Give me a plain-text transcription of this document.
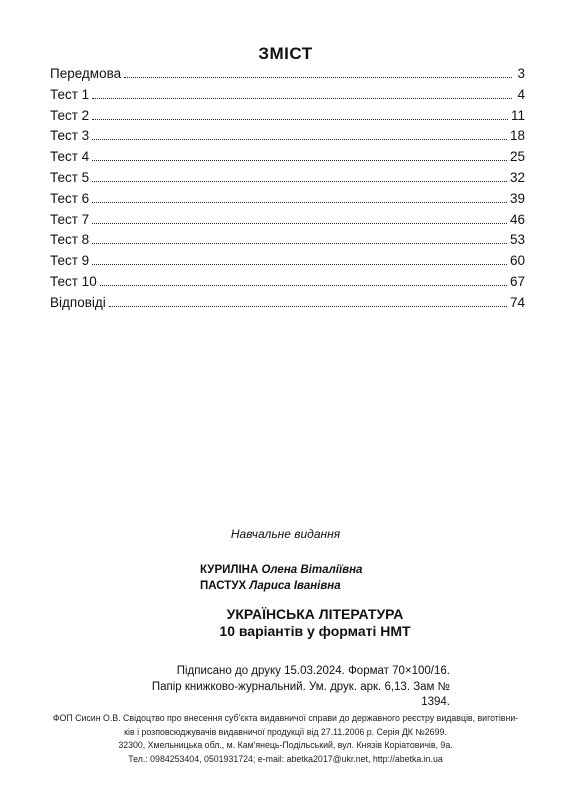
ЗМІСТ
Передмова	3
Тест 1	4
Тест 2	11
Тест 3	18
Тест 4	25
Тест 5	32
Тест 6	39
Тест 7	46
Тест 8	53
Тест 9	60
Тест 10	67
Відповіді	74
Навчальне видання
КУРИЛІНА Олена Віталіївна
ПАСТУХ Лариса Іванівна
УКРАЇНСЬКА ЛІТЕРАТУРА
10 варіантів у форматі НМТ
Підписано до друку 15.03.2024. Формат 70×100/16.
Папір книжково-журнальний. Ум. друк. арк. 6,13. Зам № 1394.
ФОП Сисин О.В. Свідоцтво про внесення суб'єкта видавничої справи до державного реєстру видавців, виготівни-
ків і розповсюджувачів видавничої продукції від 27.11.2006 р. Серія ДК №2699.
32300, Хмельницька обл., м. Кам'янець-Подільський, вул. Князів Коріатовичів, 9а.
Тел.: 0984253404, 0501931724; e-mail: abetka2017@ukr.net, http://abetka.in.ua
